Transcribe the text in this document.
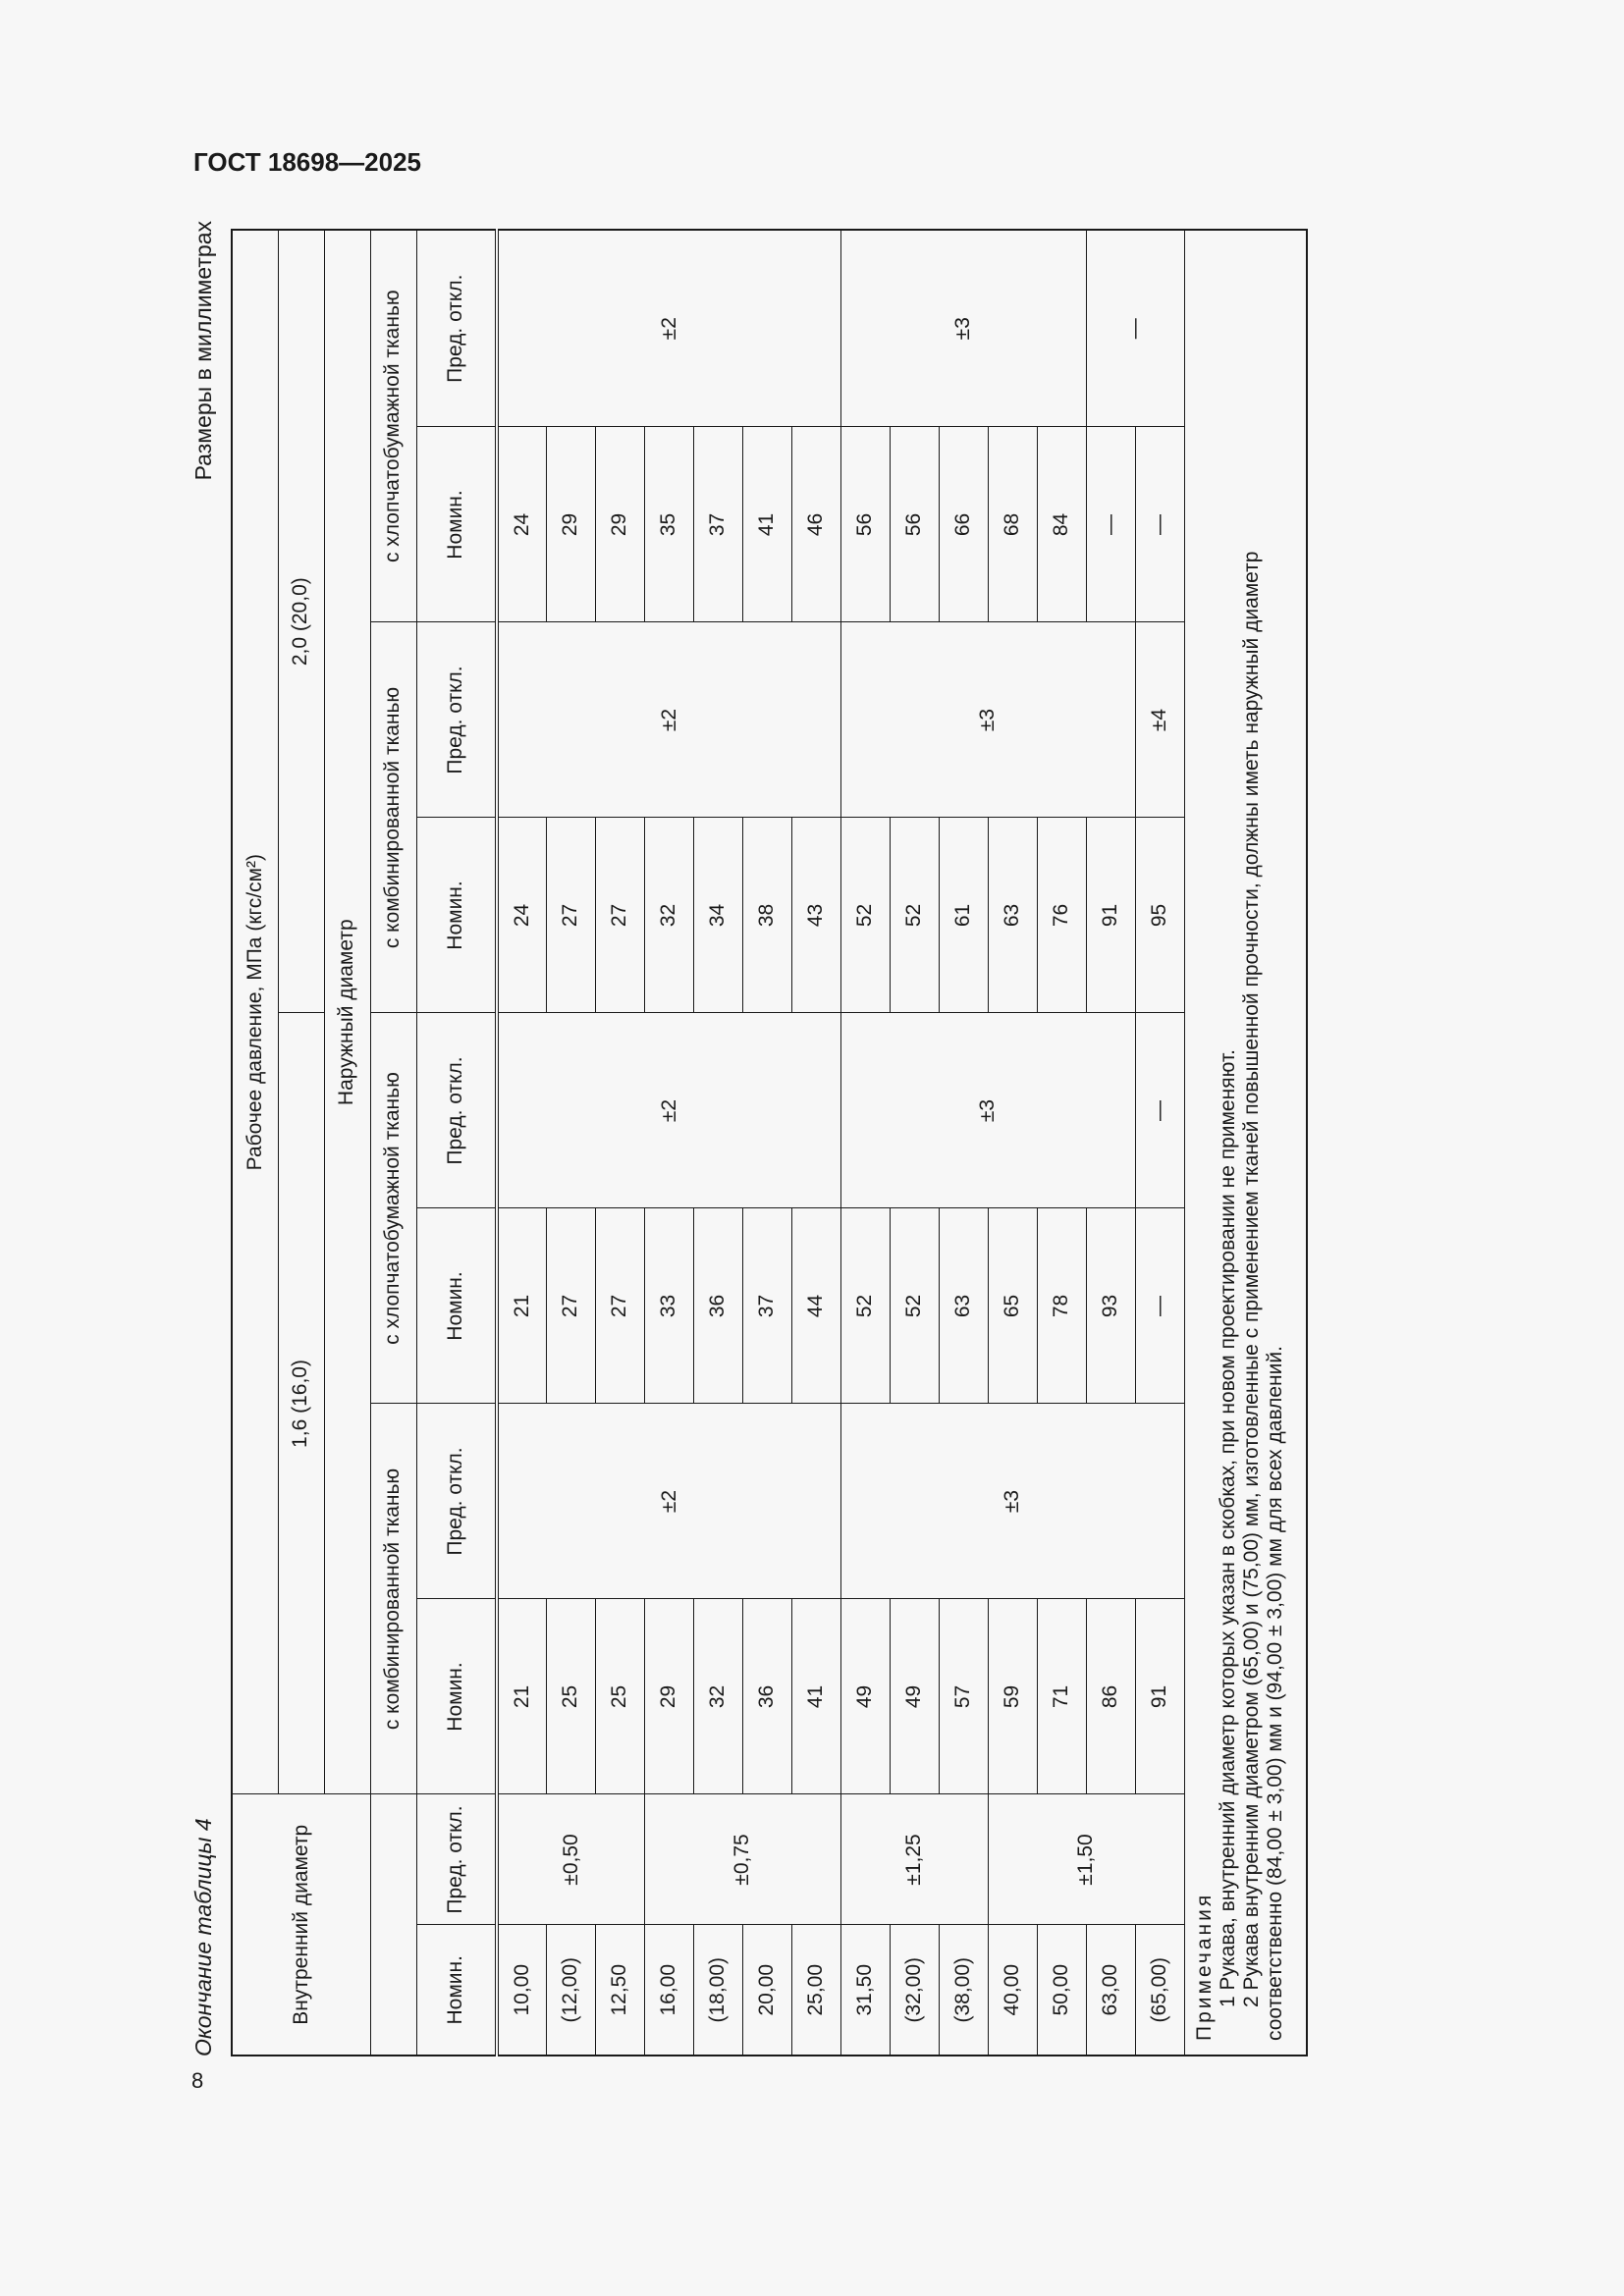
ГОСТ 18698—2025
8
Окончание таблицы 4
Размеры в миллиметрах
Внутренний диаметр		Рабочее давление, МПа (кгс/см²)							
		1,6 (16,0)				2,0 (20,0)			
		Наружный диаметр							
		с комбинированной тканью		с хлопчатобумажной тканью		с комбинированной тканью		с хлопчатобумажной тканью	
Номин.	Пред. откл.	Номин.	Пред. откл.	Номин.	Пред. откл.	Номин.	Пред. откл.	Номин.	Пред. откл.
10,00	±0,50	21	±2	21	±2	24	±2	24	±2
(12,00)		25		27		27		29	
12,50		25		27		27		29	
16,00	±0,75	29		33		32		35	
(18,00)		32		36		34		37	
20,00		36		37		38		41	
25,00		41		44		43		46	
31,50	±1,25	49	±3	52	±3	52	±3	56	±3
(32,00)		49		52		52		56	
(38,00)		57		63		61		66	
40,00	±1,50	59		65		63		68	
50,00		71		78		76		84	
63,00		86		93		91		—	—
(65,00)		91		—	—	95	±4	—	

Примечания 1 Рукава, внутренний диаметр которых указан в скобках, при новом проектировании не применяют. 2 Рукава внутренним диаметром (65,00) и (75,00) мм, изготовленные с применением тканей повышенной прочности, должны иметь наружный диаметр соответственно (84,00 ± 3,00) мм и (94,00 ± 3,00) мм для всех давлений.									
